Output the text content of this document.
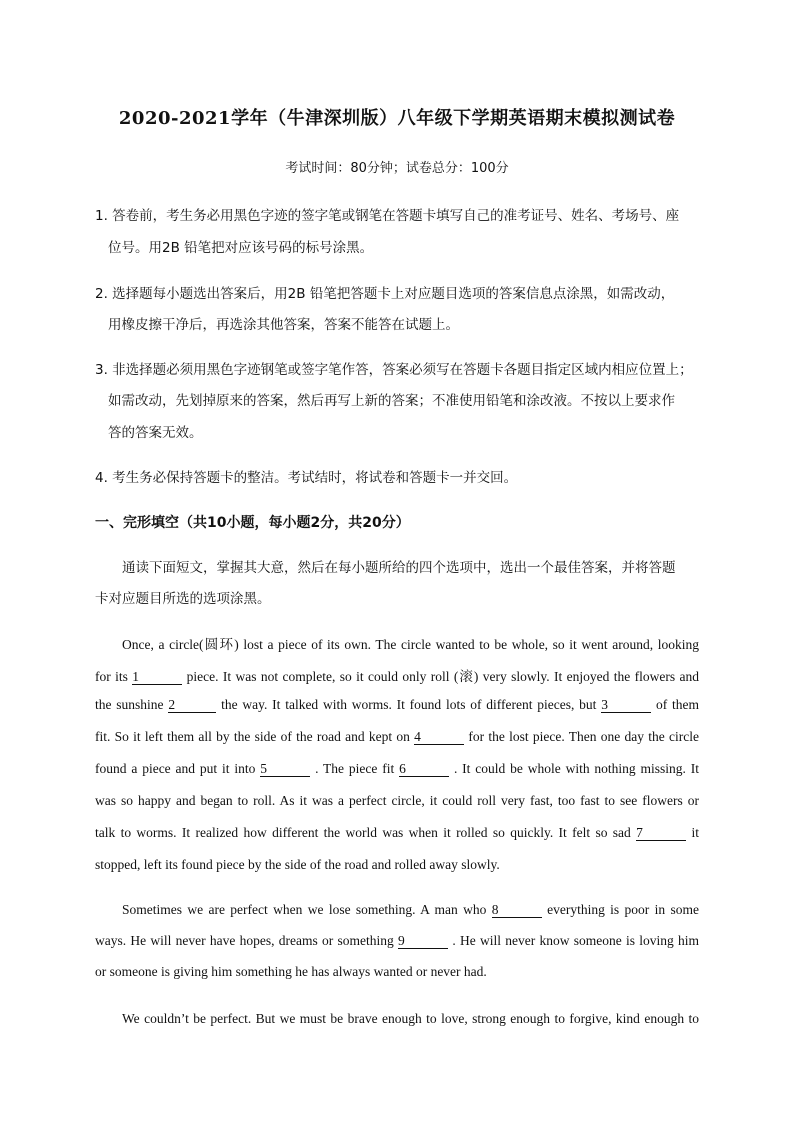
2020-2021学年（牛津深圳版）八年级下学期英语期末模拟测试卷
考试时间：80分钟；试卷总分：100分
1. 答卷前，考生务必用黑色字迹的签字笔或钢笔在答题卡填写自己的准考证号、姓名、考场号、座
位号。用2B 铅笔把对应该号码的标号涂黑。
2. 选择题每小题选出答案后，用2B 铅笔把答题卡上对应题目选项的答案信息点涂黑，如需改动，
用橡皮擦干净后，再选涂其他答案，答案不能答在试题上。
3. 非选择题必须用黑色字迹钢笔或签字笔作答，答案必须写在答题卡各题目指定区域内相应位置上；
如需改动，先划掉原来的答案，然后再写上新的答案；不准使用铅笔和涂改液。不按以上要求作
答的答案无效。
4. 考生务必保持答题卡的整洁。考试结时，将试卷和答题卡一并交回。
一、完形填空（共10小题，每小题2分，共20分）
通读下面短文，掌握其大意，然后在每小题所给的四个选项中，选出一个最佳答案，并将答题
卡对应题目所选的选项涂黑。
Once, a circle(圆环) lost a piece of its own. The circle wanted to be whole, so it went around, looking
for its 1	piece. It was not complete, so it could only roll (滚) very slowly. It enjoyed the flowers and
the sunshine 2	the way. It talked with worms. It found lots of different pieces, but 3	of them
fit. So it left them all by the side of the road and kept on 4	for the lost piece. Then one day the circle
found a piece and put it into 5	. The piece fit 6	. It could be whole with nothing missing. It
was so happy and began to roll. As it was a perfect circle, it could roll very fast, too fast to see flowers or
talk to worms. It realized how different the world was when it rolled so quickly. It felt so sad 7	it
stopped, left its found piece by the side of the road and rolled away slowly.
Sometimes we are perfect when we lose something. A man who 8	everything is poor in some
ways. He will never have hopes, dreams or something 9	. He will never know someone is loving him
or someone is giving him something he has always wanted or never had.
We couldn’t be perfect. But we must be brave enough to love, strong enough to forgive, kind enough to
